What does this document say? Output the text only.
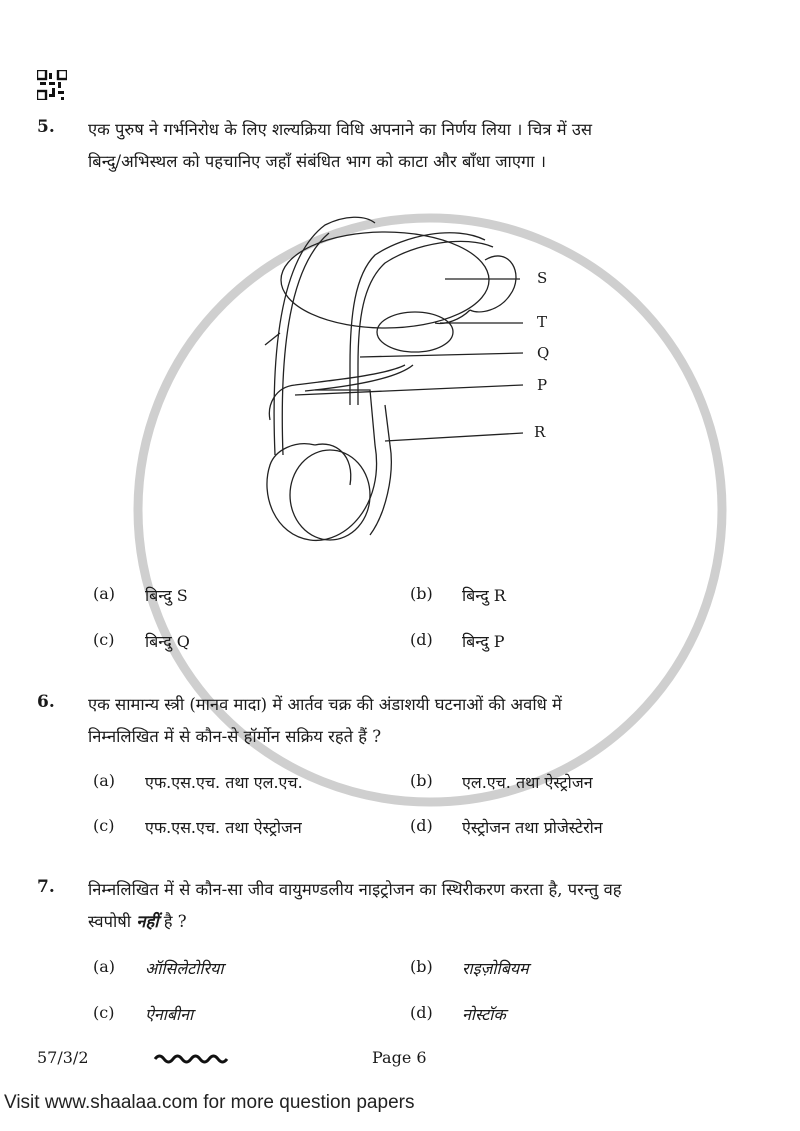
5. एक पुरुष ने गर्भनिरोध के लिए शल्यक्रिया विधि अपनाने का निर्णय लिया । चित्र में उस
बिन्दु/अभिस्थल को पहचानिए जहाँ संबंधित भाग को काटा और बाँधा जाएगा ।
S
T
Q
P
R
(a) बिन्दु S	(b) बिन्दु R
(c) बिन्दु Q	(d) बिन्दु P
6. एक सामान्य स्त्री (मानव मादा) में आर्तव चक्र की अंडाशयी घटनाओं की अवधि में
निम्नलिखित में से कौन-से हॉर्मोन सक्रिय रहते हैं ?
(a) एफ.एस.एच. तथा एल.एच.	(b) एल.एच. तथा ऐस्ट्रोजन
(c) एफ.एस.एच. तथा ऐस्ट्रोजन	(d) ऐस्ट्रोजन तथा प्रोजेस्टेरोन
7. निम्नलिखित में से कौन-सा जीव वायुमण्डलीय नाइट्रोजन का स्थिरीकरण करता है, परन्तु वह
स्वपोषी नहीं है ?
(a) ऑसिलेटोरिया	(b) राइज़ोबियम
(c) ऐनाबीना	(d) नोस्टॉक
57/3/2	Page 6
Visit www.shaalaa.com for more question papers
